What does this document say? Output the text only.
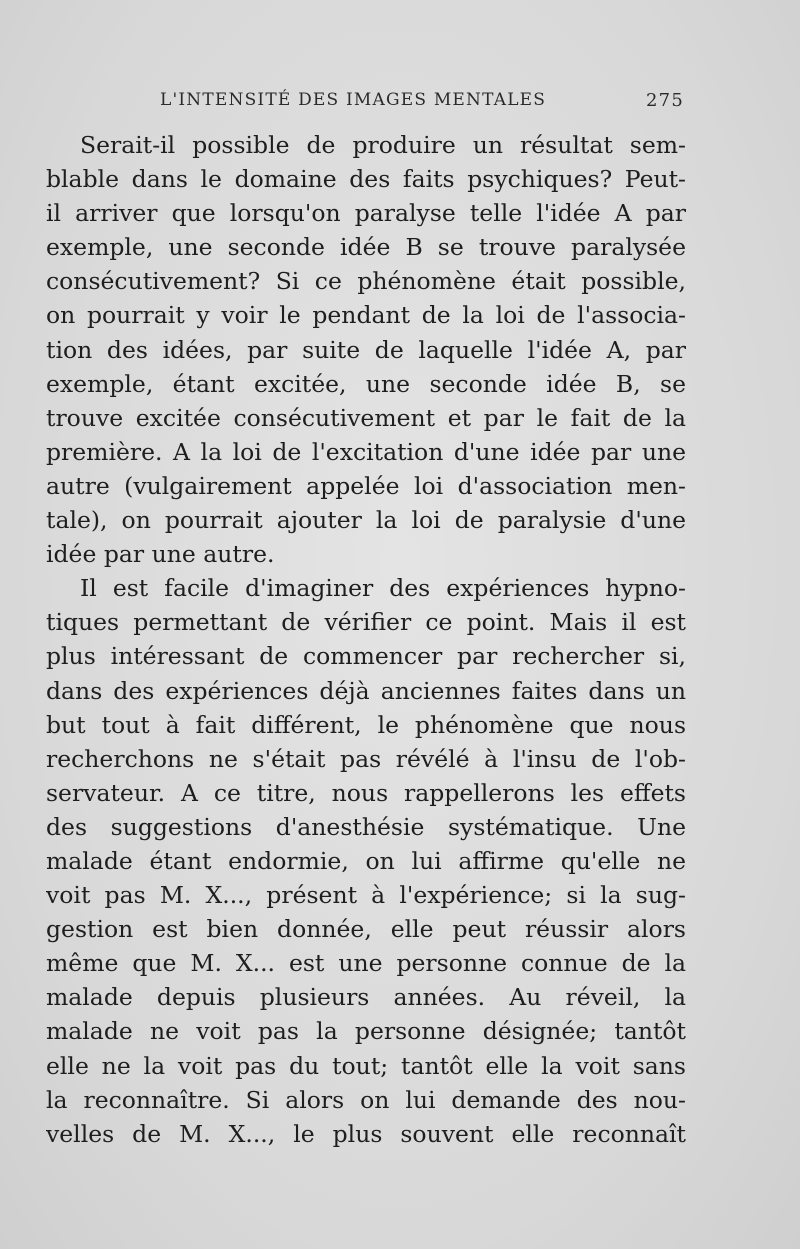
L'INTENSITÉ DES IMAGES MENTALES	275
Serait-il possible de produire un résultat sem-
blable dans le domaine des faits psychiques? Peut-
il arriver que lorsqu'on paralyse telle l'idée A par
exemple, une seconde idée B se trouve paralysée
consécutivement? Si ce phénomène était possible,
on pourrait y voir le pendant de la loi de l'associa-
tion des idées, par suite de laquelle l'idée A, par
exemple, étant excitée, une seconde idée B, se
trouve excitée consécutivement et par le fait de la
première. A la loi de l'excitation d'une idée par une
autre (vulgairement appelée loi d'association men-
tale), on pourrait ajouter la loi de paralysie d'une
idée par une autre.
Il est facile d'imaginer des expériences hypno-
tiques permettant de vérifier ce point. Mais il est
plus intéressant de commencer par rechercher si,
dans des expériences déjà anciennes faites dans un
but tout à fait différent, le phénomène que nous
recherchons ne s'était pas révélé à l'insu de l'ob-
servateur. A ce titre, nous rappellerons les effets
des suggestions d'anesthésie systématique. Une
malade étant endormie, on lui affirme qu'elle ne
voit pas M. X..., présent à l'expérience; si la sug-
gestion est bien donnée, elle peut réussir alors
même que M. X... est une personne connue de la
malade depuis plusieurs années. Au réveil, la
malade ne voit pas la personne désignée; tantôt
elle ne la voit pas du tout; tantôt elle la voit sans
la reconnaître. Si alors on lui demande des nou-
velles de M. X..., le plus souvent elle reconnaît
